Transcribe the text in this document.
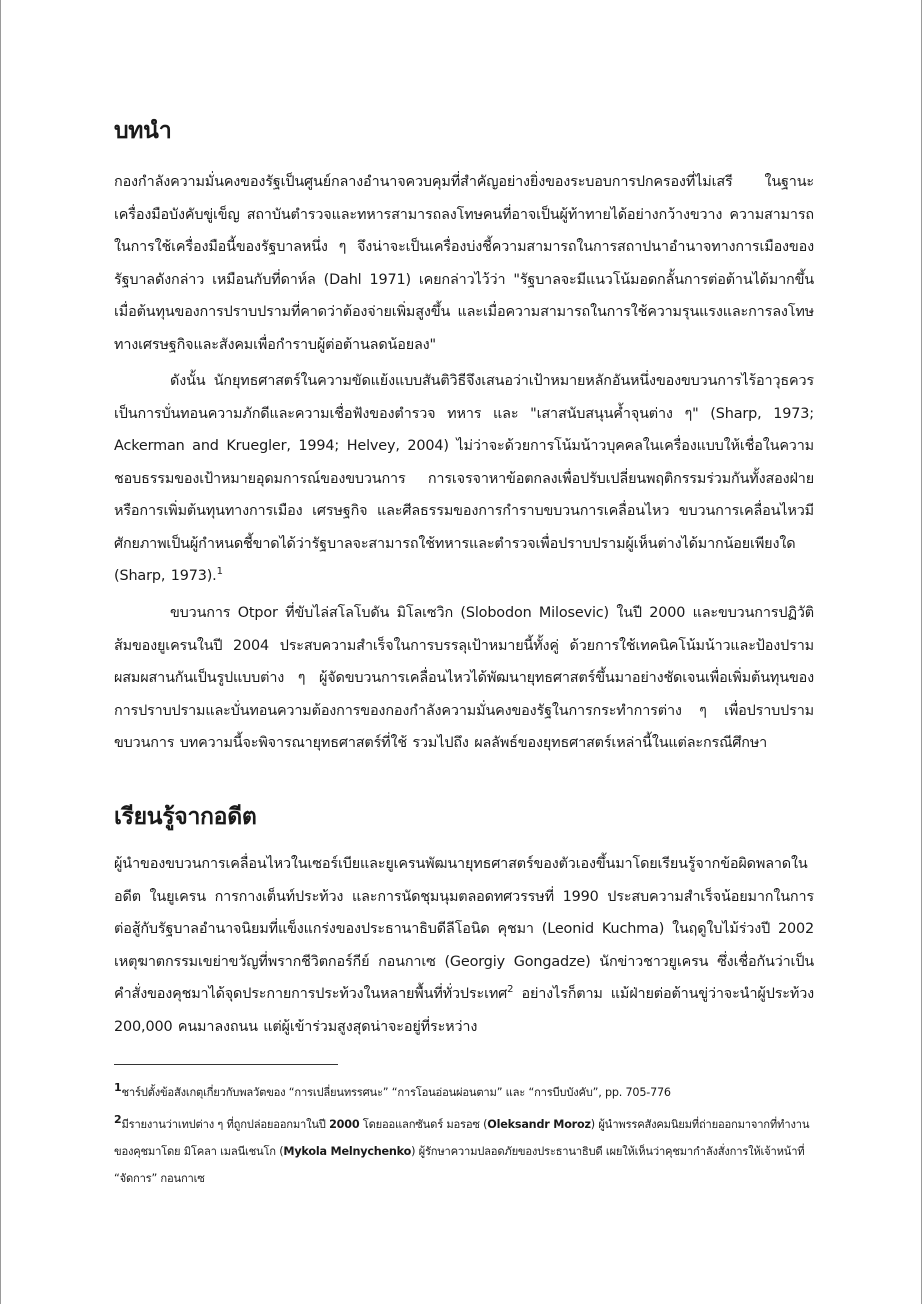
บทนำ
กองกำลังความมั่นคงของรัฐเป็นศูนย์กลางอำนาจควบคุมที่สำคัญอย่างยิ่งของระบอบการปกครองที่ไม่เสรี ในฐานะเครื่องมือบังคับขู่เข็ญ สถาบันตำรวจและทหารสามารถลงโทษคนที่อาจเป็นผู้ท้าทายได้อย่างกว้างขวาง ความสามารถในการใช้เครื่องมือนี้ของรัฐบาลหนึ่ง ๆ จึงน่าจะเป็นเครื่องบ่งชี้ความสามารถในการสถาปนาอำนาจทางการเมืองของรัฐบาลดังกล่าว เหมือนกับที่ดาห์ล (Dahl 1971) เคยกล่าวไว้ว่า "รัฐบาลจะมีแนวโน้มอดกลั้นการต่อต้านได้มากขึ้น เมื่อต้นทุนของการปราบปรามที่คาดว่าต้องจ่ายเพิ่มสูงขึ้น และเมื่อความสามารถในการใช้ความรุนแรงและการลงโทษทางเศรษฐกิจและสังคมเพื่อกำราบผู้ต่อต้านลดน้อยลง"
ดังนั้น นักยุทธศาสตร์ในความขัดแย้งแบบสันติวิธีจึงเสนอว่าเป้าหมายหลักอันหนึ่งของขบวนการไร้อาวุธควรเป็นการบั่นทอนความภักดีและความเชื่อฟังของตำรวจ ทหาร และ "เสาสนับสนุนค้ำจุนต่าง ๆ" (Sharp, 1973; Ackerman and Kruegler, 1994; Helvey, 2004) ไม่ว่าจะด้วยการโน้มน้าวบุคคลในเครื่องแบบให้เชื่อในความชอบธรรมของเป้าหมายอุดมการณ์ของขบวนการ การเจรจาหาข้อตกลงเพื่อปรับเปลี่ยนพฤติกรรมร่วมกันทั้งสองฝ่าย หรือการเพิ่มต้นทุนทางการเมือง เศรษฐกิจ และศีลธรรมของการกำราบขบวนการเคลื่อนไหว ขบวนการเคลื่อนไหวมีศักยภาพเป็นผู้กำหนดชี้ขาดได้ว่ารัฐบาลจะสามารถใช้ทหารและตำรวจเพื่อปราบปรามผู้เห็นต่างได้มากน้อยเพียงใด (Sharp, 1973).$^1$
ขบวนการ Otpor ที่ขับไล่สโลโบดัน มิโลเซวิก (Slobodon Milosevic) ในปี 2000 และขบวนการปฏิวัติส้มของยูเครนในปี 2004 ประสบความสำเร็จในการบรรลุเป้าหมายนี้ทั้งคู่ ด้วยการใช้เทคนิคโน้มน้าวและป้องปรามผสมผสานกันเป็นรูปแบบต่าง ๆ ผู้จัดขบวนการเคลื่อนไหวได้พัฒนายุทธศาสตร์ขึ้นมาอย่างชัดเจนเพื่อเพิ่มต้นทุนของการปราบปรามและบั่นทอนความต้องการของกองกำลังความมั่นคงของรัฐในการกระทำการต่าง ๆ เพื่อปราบปรามขบวนการ บทความนี้จะพิจารณายุทธศาสตร์ที่ใช้ รวมไปถึง ผลลัพธ์ของยุทธศาสตร์เหล่านี้ในแต่ละกรณีศึกษา
เรียนรู้จากอดีต
ผู้นำของขบวนการเคลื่อนไหวในเซอร์เบียและยูเครนพัฒนายุทธศาสตร์ของตัวเองขึ้นมาโดยเรียนรู้จากข้อผิดพลาดในอดีต ในยูเครน การกางเต็นท์ประท้วง และการนัดชุมนุมตลอดทศวรรษที่ 1990 ประสบความสำเร็จน้อยมากในการต่อสู้กับรัฐบาลอำนาจนิยมที่แข็งแกร่งของประธานาธิบดีลีโอนิด คุชมา (Leonid Kuchma) ในฤดูใบไม้ร่วงปี 2002 เหตุฆาตกรรมเขย่าขวัญที่พรากชีวิตกอร์กีย์ กอนกาเซ (Georgiy Gongadze) นักข่าวชาวยูเครน ซึ่งเชื่อกันว่าเป็นคำสั่งของคุชมาได้จุดประกายการประท้วงในหลายพื้นที่ทั่วประเทศ$^2$ อย่างไรก็ตาม แม้ฝ่ายต่อต้านขู่ว่าจะนำผู้ประท้วง 200,000 คนมาลงถนน แต่ผู้เข้าร่วมสูงสุดน่าจะอยู่ที่ระหว่าง
1ชาร์ปตั้งข้อสังเกตุเกี่ยวกับพลวัตของ “การเปลี่ยนทรรศนะ” “การโอนอ่อนผ่อนตาม” และ “การบีบบังคับ”, pp. 705-776
2มีรายงานว่าเทปต่าง ๆ ที่ถูกปล่อยออกมาในปี 2000 โดยออแลกซันดร์ มอรอซ (Oleksandr Moroz) ผู้นำพรรคสังคมนิยมที่ถ่ายออกมาจากที่ทำงานของคุชมาโดย มิโคลา เมลนีเชนโก (Mykola Melnychenko) ผู้รักษาความปลอดภัยของประธานาธิบดี เผยให้เห็นว่าคุชมากำลังสั่งการให้เจ้าหน้าที่ “จัดการ” กอนกาเซ
